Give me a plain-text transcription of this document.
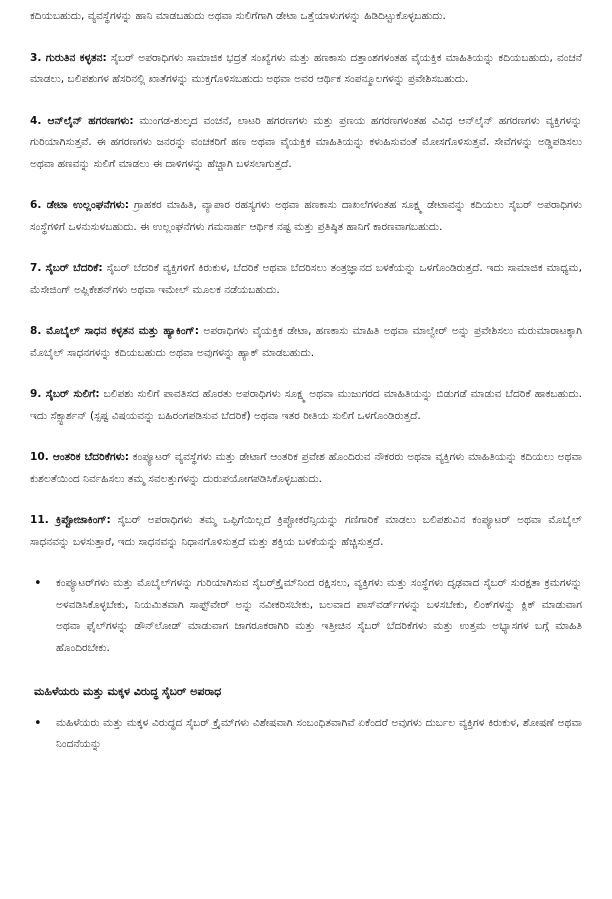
ಕದಿಯಬಹುದು, ವ್ಯವಸ್ಥೆಗಳನ್ನು ಹಾನಿ ಮಾಡಬಹುದು ಅಥವಾ ಸುಲಿಗೆಗಾಗಿ ಡೇಟಾ ಒತ್ತೆಯಾಳುಗಳನ್ನು ಹಿಡಿದಿಟ್ಟುಕೊಳ್ಳಬಹುದು.

3. ಗುರುತಿನ ಕಳ್ಳತನ: ಸೈಬರ್ ಅಪರಾಧಿಗಳು ಸಾಮಾಜಿಕ ಭದ್ರತೆ ಸಂಖ್ಯೆಗಳು ಮತ್ತು ಹಣಕಾಸು ದತ್ತಾಂಶಗಳಂತಹ ವೈಯಕ್ತಿಕ ಮಾಹಿತಿಯನ್ನು ಕದಿಯಬಹುದು, ವಂಚನೆ ಮಾಡಲು, ಬಲಿಪಶುಗಳ ಹೆಸರಿನಲ್ಲಿ ಖಾತೆಗಳನ್ನು ಮುಕ್ತಗೊಳಿಸಬಹುದು ಅಥವಾ ಅವರ ಆರ್ಥಿಕ ಸಂಪನ್ಮೂಲಗಳನ್ನು ಪ್ರವೇಶಿಸಬಹುದು.

4. ಆನ್‌ಲೈನ್ ಹಗರಣಗಳು: ಮುಂಗಡ-ಶುಲ್ಕದ ವಂಚನೆ, ಲಾಟರಿ ಹಗರಣಗಳು ಮತ್ತು ಪ್ರಣಯ ಹಗರಣಗಳಂತಹ ವಿವಿಧ ಆನ್‌ಲೈನ್ ಹಗರಣಗಳು ವ್ಯಕ್ತಿಗಳನ್ನು ಗುರಿಯಾಗಿಸುತ್ತವೆ. ಈ ಹಗರಣಗಳು ಜನರನ್ನು ವಂಚಕರಿಗೆ ಹಣ ಅಥವಾ ವೈಯಕ್ತಿಕ ಮಾಹಿತಿಯನ್ನು ಕಳುಹಿಸುವಂತೆ ಮೋಸಗೊಳಿಸುತ್ತವೆ. ಸೇವೆಗಳನ್ನು ಅಡ್ಡಿಪಡಿಸಲು ಅಥವಾ ಹಣವನ್ನು ಸುಲಿಗೆ ಮಾಡಲು ಈ ದಾಳಿಗಳನ್ನು ಹೆಚ್ಚಾಗಿ ಬಳಸಲಾಗುತ್ತದೆ.

6. ಡೇಟಾ ಉಲ್ಲಂಘನೆಗಳು: ಗ್ರಾಹಕರ ಮಾಹಿತಿ, ವ್ಯಾಪಾರ ರಹಸ್ಯಗಳು ಅಥವಾ ಹಣಕಾಸು ದಾಖಲೆಗಳಂತಹ ಸೂಕ್ಷ್ಮ ಡೇಟಾವನ್ನು ಕದಿಯಲು ಸೈಬರ್ ಅಪರಾಧಿಗಳು ಸಂಸ್ಥೆಗಳಿಗೆ ಒಳನುಸುಳಬಹುದು. ಈ ಉಲ್ಲಂಘನೆಗಳು ಗಮನಾರ್ಹ ಆರ್ಥಿಕ ನಷ್ಟ ಮತ್ತು ಪ್ರತಿಷ್ಠಿತ ಹಾನಿಗೆ ಕಾರಣವಾಗಬಹುದು.

7. ಸೈಬರ್ ಬೆದರಿಕೆ: ಸೈಬರ್ ಬೆದರಿಕೆ ವ್ಯಕ್ತಿಗಳಿಗೆ ಕಿರುಕುಳ, ಬೆದರಿಕೆ ಅಥವಾ ಬೆದರಿಸಲು ತಂತ್ರಜ್ಞಾನದ ಬಳಕೆಯನ್ನು ಒಳಗೊಂಡಿರುತ್ತದೆ. ಇದು ಸಾಮಾಜಿಕ ಮಾಧ್ಯಮ, ಮೆಸೇಜಿಂಗ್ ಅಪ್ಲಿಕೇಶನ್‌ಗಳು ಅಥವಾ ಇಮೇಲ್ ಮೂಲಕ ನಡೆಯಬಹುದು.

8. ಮೊಬೈಲ್ ಸಾಧನ ಕಳ್ಳತನ ಮತ್ತು ಹ್ಯಾಕಿಂಗ್: ಅಪರಾಧಿಗಳು ವೈಯಕ್ತಿಕ ಡೇಟಾ, ಹಣಕಾಸು ಮಾಹಿತಿ ಅಥವಾ ಮಾಲ್ವೇರ್ ಅನ್ನು ಪ್ರವೇಶಿಸಲು ಮರುಮಾರಾಟಕ್ಕಾಗಿ ಮೊಬೈಲ್ ಸಾಧನಗಳನ್ನು ಕದಿಯಬಹುದು ಅಥವಾ ಅವುಗಳನ್ನು ಹ್ಯಾಕ್ ಮಾಡಬಹುದು.

9. ಸೈಬರ್ ಸುಲಿಗೆ: ಬಲಿಪಶು ಸುಲಿಗೆ ಪಾವತಿಸದ ಹೊರತು ಅಪರಾಧಿಗಳು ಸೂಕ್ಷ್ಮ ಅಥವಾ ಮುಜುಗರದ ಮಾಹಿತಿಯನ್ನು ಬಿಡುಗಡೆ ಮಾಡುವ ಬೆದರಿಕೆ ಹಾಕಬಹುದು. ಇದು ಸೆಕ್ಸ್ಟಾರ್ಶನ್ (ಸ್ಪಷ್ಟ ವಿಷಯವನ್ನು ಬಹಿರಂಗಪಡಿಸುವ ಬೆದರಿಕೆ) ಅಥವಾ ಇತರ ರೀತಿಯ ಸುಲಿಗೆ ಒಳಗೊಂಡಿರುತ್ತದೆ.

10. ಆಂತರಿಕ ಬೆದರಿಕೆಗಳು: ಕಂಪ್ಯೂಟರ್ ವ್ಯವಸ್ಥೆಗಳು ಮತ್ತು ಡೇಟಾಗೆ ಆಂತರಿಕ ಪ್ರವೇಶ ಹೊಂದಿರುವ ನೌಕರರು ಅಥವಾ ವ್ಯಕ್ತಿಗಳು ಮಾಹಿತಿಯನ್ನು ಕದಿಯಲು ಅಥವಾ ಕುಶಲತೆಯಿಂದ ನಿರ್ವಹಿಸಲು ತಮ್ಮ ಸವಲತ್ತುಗಳನ್ನು ದುರುಪಯೋಗಪಡಿಸಿಕೊಳ್ಳಬಹುದು.

11. ಕ್ರಿಪ್ಟೋಜಾಕಿಂಗ್: ಸೈಬರ್ ಅಪರಾಧಿಗಳು ತಮ್ಮ ಒಪ್ಪಿಗೆಯಿಲ್ಲದೆ ಕ್ರಿಪ್ಟೋಕರೆನ್ಸಿಯನ್ನು ಗಣಿಗಾರಿಕೆ ಮಾಡಲು ಬಲಿಪಶುವಿನ ಕಂಪ್ಯೂಟರ್ ಅಥವಾ ಮೊಬೈಲ್ ಸಾಧನವನ್ನು ಬಳಸುತ್ತಾರೆ, ಇದು ಸಾಧನವನ್ನು ನಿಧಾನಗೊಳಿಸುತ್ತದೆ ಮತ್ತು ಶಕ್ತಿಯ ಬಳಕೆಯನ್ನು ಹೆಚ್ಚಿಸುತ್ತದೆ.

• ಕಂಪ್ಯೂಟರ್‌ಗಳು ಮತ್ತು ಮೊಬೈಲ್‌ಗಳನ್ನು ಗುರಿಯಾಗಿಸುವ ಸೈಬರ್‌ಕ್ರೈಮ್‌ನಿಂದ ರಕ್ಷಿಸಲು, ವ್ಯಕ್ತಿಗಳು ಮತ್ತು ಸಂಸ್ಥೆಗಳು ದೃಢವಾದ ಸೈಬರ್ ಸುರಕ್ಷತಾ ಕ್ರಮಗಳನ್ನು ಅಳವಡಿಸಿಕೊಳ್ಳಬೇಕು, ನಿಯಮಿತವಾಗಿ ಸಾಫ್ಟ್‌ವೇರ್ ಅನ್ನು ನವೀಕರಿಸಬೇಕು, ಬಲವಾದ ಪಾಸ್‌ವರ್ಡ್‌ಗಳನ್ನು ಬಳಸಬೇಕು, ಲಿಂಕ್‌ಗಳನ್ನು ಕ್ಲಿಕ್ ಮಾಡುವಾಗ ಅಥವಾ ಫೈಲ್‌ಗಳನ್ನು ಡೌನ್‌ಲೋಡ್ ಮಾಡುವಾಗ ಜಾಗರೂಕರಾಗಿರಿ ಮತ್ತು ಇತ್ತೀಚಿನ ಸೈಬರ್ ಬೆದರಿಕೆಗಳು ಮತ್ತು ಉತ್ತಮ ಅಭ್ಯಾಸಗಳ ಬಗ್ಗೆ ಮಾಹಿತಿ ಹೊಂದಿರಬೇಕು.
ಮಹಿಳೆಯರು ಮತ್ತು ಮಕ್ಕಳ ವಿರುದ್ಧ ಸೈಬರ್ ಅಪರಾಧ
• ಮಹಿಳೆಯರು ಮತ್ತು ಮಕ್ಕಳ ವಿರುದ್ಧದ ಸೈಬರ್ ಕ್ರೈಮ್‌ಗಳು ವಿಶೇಷವಾಗಿ ಸಂಬಂಧಿತವಾಗಿವೆ ಏಕೆಂದರೆ ಅವುಗಳು ದುರ್ಬಲ ವ್ಯಕ್ತಿಗಳ ಕಿರುಕುಳ, ಶೋಷಣೆ ಅಥವಾ ನಿಂದನೆಯನ್ನು
